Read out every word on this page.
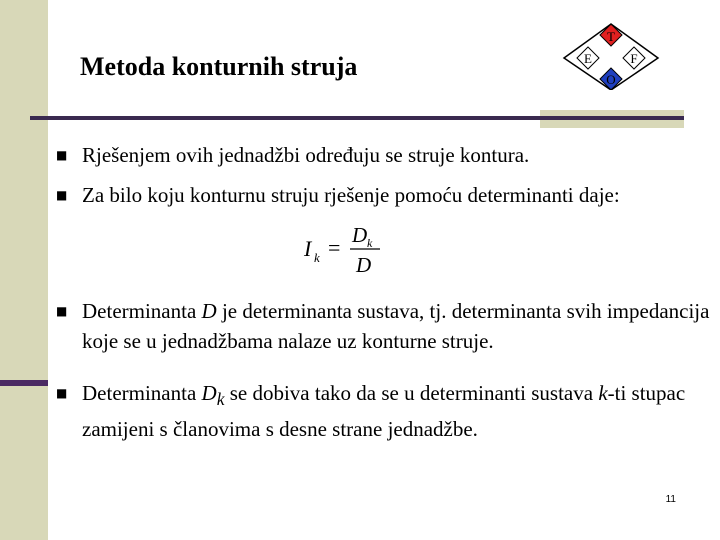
Metoda konturnih struja
T
E	F
O
■ Rješenjem ovih jednadžbi određuju se struje kontura.
■ Za bilo koju konturnu struju rješenje pomoću determinanti daje:
I k = D k
D
■ Determinanta D je determinanta sustava, tj. determinanta svih impedancija koje se u jednadžbama nalaze uz konturne struje.
■ Determinanta $D_k$ se dobiva tako da se u determinanti sustava k-ti stupac zamijeni s članovima s desne strane jednadžbe.
11
